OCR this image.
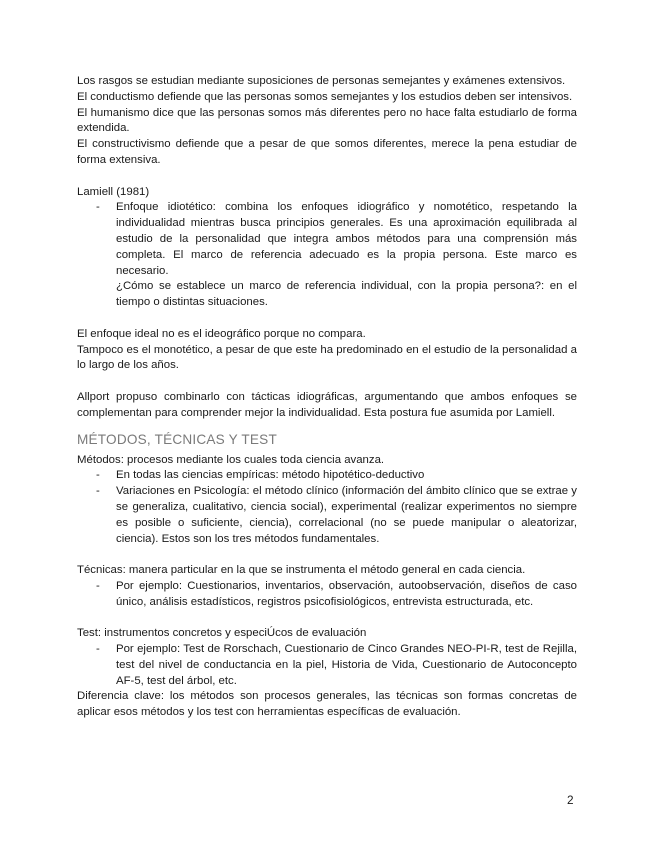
Los rasgos se estudian mediante suposiciones de personas semejantes y exámenes extensivos.

El conductismo defiende que las personas somos semejantes y los estudios deben ser intensivos.

El humanismo dice que las personas somos más diferentes pero no hace falta estudiarlo de forma extendida.

El constructivismo defiende que a pesar de que somos diferentes, merece la pena estudiar de forma extensiva.

Lamiell (1981)

- Enfoque idiotético: combina los enfoques idiográfico y nomotético, respetando la individualidad mientras busca principios generales. Es una aproximación equilibrada al estudio de la personalidad que integra ambos métodos para una comprensión más completa. El marco de referencia adecuado es la propia persona. Este marco es necesario.

¿Cómo se establece un marco de referencia individual, con la propia persona?: en el tiempo o distintas situaciones.

El enfoque ideal no es el ideográfico porque no compara.

Tampoco es el monotético, a pesar de que este ha predominado en el estudio de la personalidad a lo largo de los años.

Allport propuso combinarlo con tácticas idiográficas, argumentando que ambos enfoques se complementan para comprender mejor la individualidad. Esta postura fue asumida por Lamiell.

MÉTODOS, TÉCNICAS Y TEST

Métodos: procesos mediante los cuales toda ciencia avanza.

- En todas las ciencias empíricas: método hipotético-deductivo
- Variaciones en Psicología: el método clínico (información del ámbito clínico que se extrae y se generaliza, cualitativo, ciencia social), experimental (realizar experimentos no siempre es posible o suficiente, ciencia), correlacional (no se puede manipular o aleatorizar, ciencia). Estos son los tres métodos fundamentales.

Técnicas: manera particular en la que se instrumenta el método general en cada ciencia.

- Por ejemplo: Cuestionarios, inventarios, observación, autoobservación, diseños de caso único, análisis estadísticos, registros psicofisiológicos, entrevista estructurada, etc.

Test: instrumentos concretos y especiÚcos de evaluación

- Por ejemplo: Test de Rorschach, Cuestionario de Cinco Grandes NEO-PI-R, test de Rejilla, test del nivel de conductancia en la piel, Historia de Vida, Cuestionario de Autoconcepto AF-5, test del árbol, etc.

Diferencia clave: los métodos son procesos generales, las técnicas son formas concretas de aplicar esos métodos y los test con herramientas específicas de evaluación.

2
